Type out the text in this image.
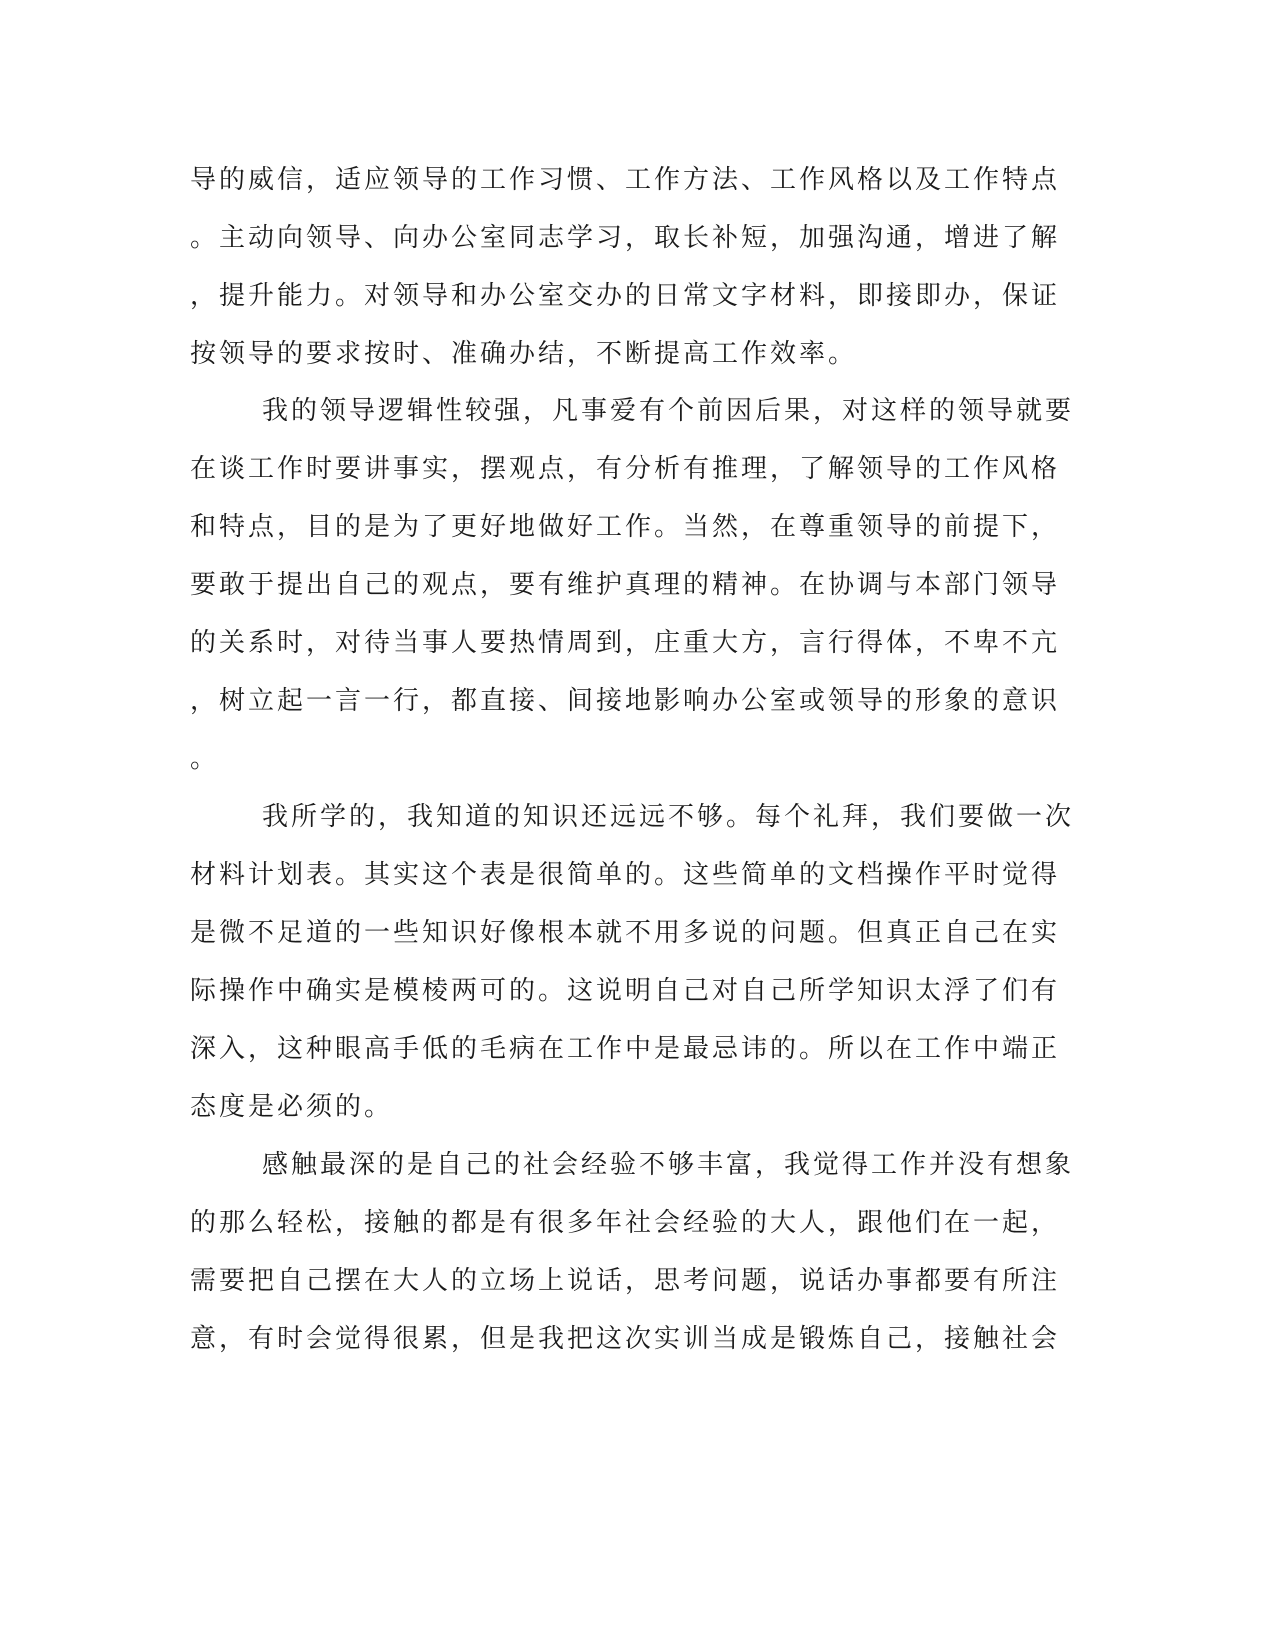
导的威信，适应领导的工作习惯、工作方法、工作风格以及工作特点
。主动向领导、向办公室同志学习，取长补短，加强沟通，增进了解
，提升能力。对领导和办公室交办的日常文字材料，即接即办，保证
按领导的要求按时、准确办结，不断提高工作效率。
我的领导逻辑性较强，凡事爱有个前因后果，对这样的领导就要
在谈工作时要讲事实，摆观点，有分析有推理，了解领导的工作风格
和特点，目的是为了更好地做好工作。当然，在尊重领导的前提下，
要敢于提出自己的观点，要有维护真理的精神。在协调与本部门领导
的关系时，对待当事人要热情周到，庄重大方，言行得体，不卑不亢
，树立起一言一行，都直接、间接地影响办公室或领导的形象的意识
。
我所学的，我知道的知识还远远不够。每个礼拜，我们要做一次
材料计划表。其实这个表是很简单的。这些简单的文档操作平时觉得
是微不足道的一些知识好像根本就不用多说的问题。但真正自己在实
际操作中确实是模棱两可的。这说明自己对自己所学知识太浮了们有
深入，这种眼高手低的毛病在工作中是最忌讳的。所以在工作中端正
态度是必须的。
感触最深的是自己的社会经验不够丰富，我觉得工作并没有想象
的那么轻松，接触的都是有很多年社会经验的大人，跟他们在一起，
需要把自己摆在大人的立场上说话，思考问题，说话办事都要有所注
意，有时会觉得很累，但是我把这次实训当成是锻炼自己，接触社会
